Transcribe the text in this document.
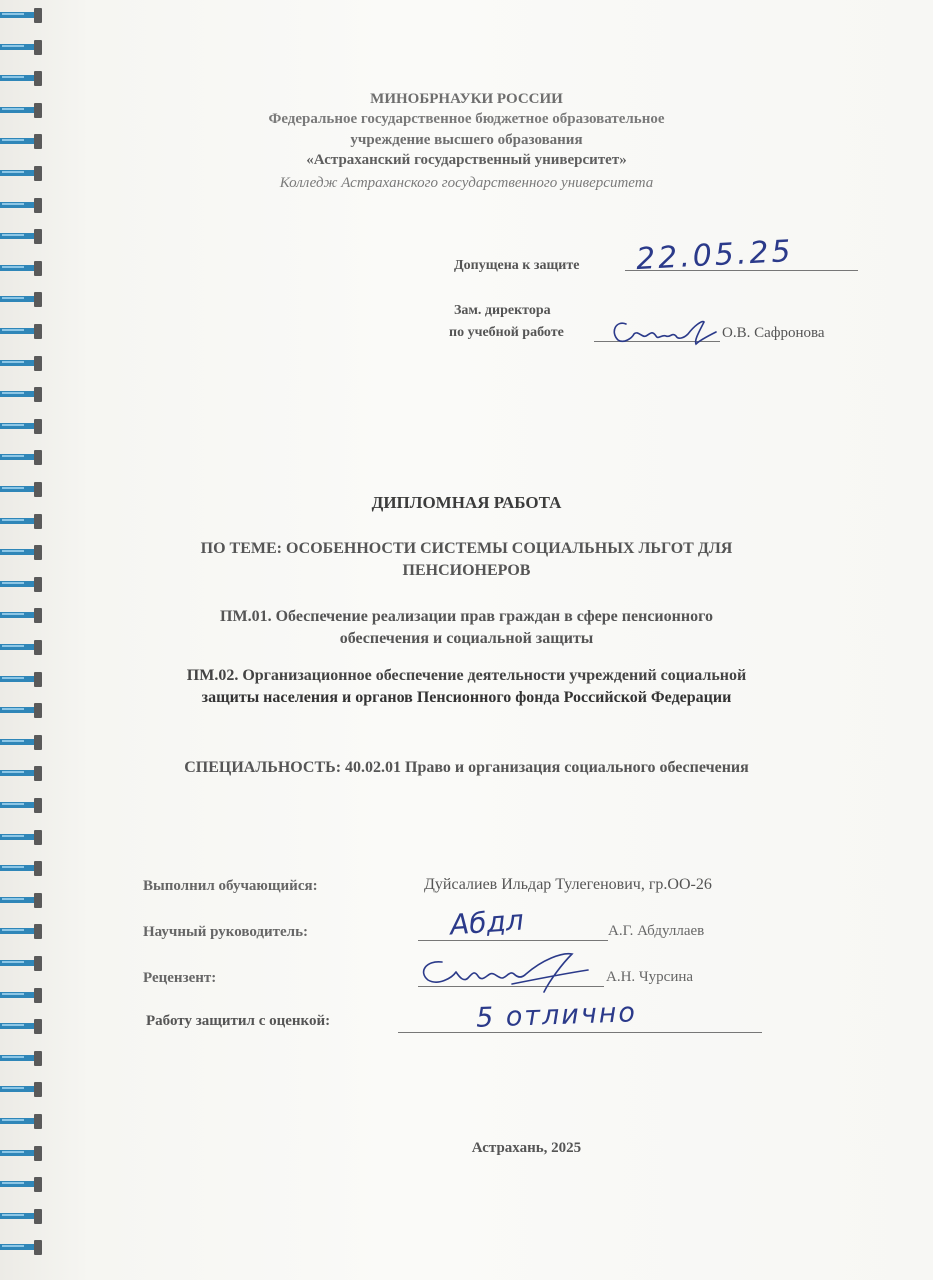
МИНОБРНАУКИ РОССИИ
Федеральное государственное бюджетное образовательное
учреждение высшего образования
«Астраханский государственный университет»
Колледж Астраханского государственного университета
Допущена к защите 22.05.25
Зам. директора
по учебной работе	О.В. Сафронова
ДИПЛОМНАЯ РАБОТА
ПО ТЕМЕ: ОСОБЕННОСТИ СИСТЕМЫ СОЦИАЛЬНЫХ ЛЬГОТ ДЛЯ
ПЕНСИОНЕРОВ
ПМ.01. Обеспечение реализации прав граждан в сфере пенсионного
обеспечения и социальной защиты
ПМ.02. Организационное обеспечение деятельности учреждений социальной
защиты населения и органов Пенсионного фонда Российской Федерации
СПЕЦИАЛЬНОСТЬ: 40.02.01 Право и организация социального обеспечения
Выполнил обучающийся:	Дуйсалиев Ильдар Тулегенович, гр.ОО-26
Научный руководитель:	Абдл	А.Г. Абдуллаев
Рецензент:	А.Н. Чурсина
Работу защитил с оценкой:	5 отлично
Астрахань, 2025
